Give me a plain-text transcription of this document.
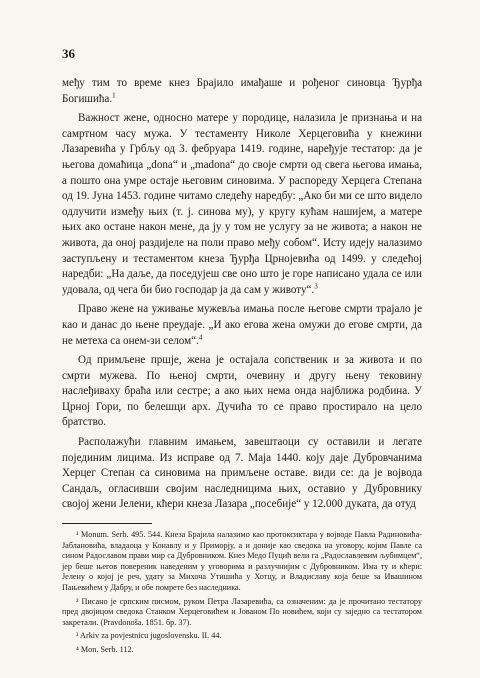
36

међу тим то време кнез Брајило имађаше и рођеног синовца Ђурђа Богишића.$^1$

Важност жене, односно матере у породице, налазила је признања и на самртном часу мужа. У тестаменту Николе Херцеговића у кнежини Лазаревића у Грбљу од 3. фебруара 1419. године, наређује тестатор: да је његова домаћица „dona“ и „madona“ до своје смрти од свега његова имања, а пошто она умре остаје његовим синовима. У распореду Херцега Степана од 19. Јуна 1453. године читамо следећу наредбу: „Ако би ми се што видело одлучити између њих (т. ј. синова му), у кругу кућам нашијем, а матере њих ако остане након мене, да ју у том не услугу за не живота; а након не живота, да оној раздијеле на поли право међу собом“. Исту идеју налазимо заступљену и тестаментом кнеза Ђурђа Црнојевића од 1499. у следећој наредби: „На даље, да поседујеш све оно што је горе написано удала се или удовала, од чега би био господар ја да сам у животу“.$^3$

Право жене на уживање мужевља имања после његове смрти трајало је као и данас до њене преудаје. „И ако егова жена омужи до егове смрти, да не метеха са онем-зи селом“.$^4$

Од примљене пршје, жена је остајала сопственик и за живота и по смрти мужева. По њеној смрти, очевину и другу њену тековину наслеђиваху браћа или сестре; а ако њих нема онда најближа родбина. У Црној Гори, по белешци арх. Дучића то се право простирало на цело братство.

Располажући главним имањем, завештаоци су оставили и легате појединим лицима. Из исправе од 7. Маја 1440. коју даје Дубровчанима Херцег Степан са синовима на примљене оставе. види се: да је војвода Сандаљ, огласивши својим наследницима њих, оставио у Дубровнику својој жени Јелени, кћери кнеза Лазара „посебије“ у 12.000 дуката, да отуд

¹ Monum. Serb. 495. 544. Кнеза Брајила налазимо као протоксиктара у војводе Павла Радиновића-Јаблановића, владаоца у Конавлу и у Приморју, а и доније као сведока на уговору, којим Павле са сином Радославом прави мир са Дубровником. Кнез Медо Пуцић вели га „Радославлевим љубимцем“, јер беше његов повереник наведеним у уговорима и разлучнијим с Дубровником. Има ту и кћери: Јелену о којој је реч, удату за Михоча Утишића у Хотцу, и Владиславу која беше за Ивашином Пањевићем у Дабру, и обе помрете без наследника.

² Писано је српским писмом, руком Петра Лазаревића, са означеним: да је прочитано тестатору пред двојицом сведока Станком Херцеговићем и Јованом По новићем, који су заједно са тестатором закретали. (Pravdonoša. 1851. бр. 37).

³ Arkiv za povjestnicu jugoslovensku. II. 44.

⁴ Mon. Serb. 112.
